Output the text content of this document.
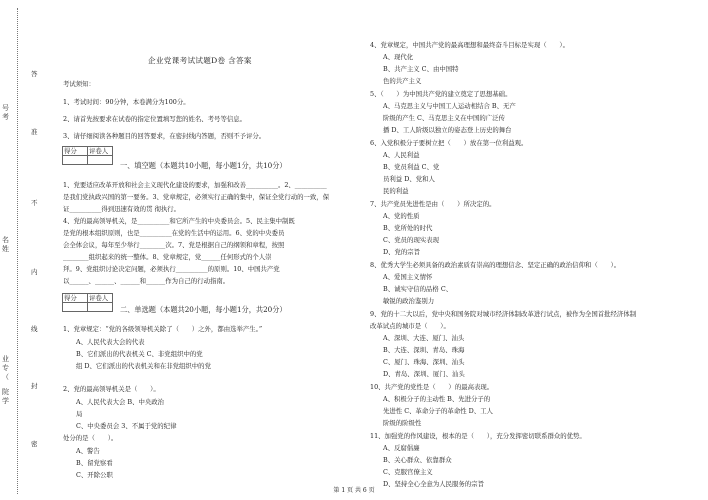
答
准
不
内
线
封
密
号考
名姓
业专（
院学
企业党课考试试题D卷 含答案
考试须知：
1、考试时间：90分钟，本卷满分为100分。
2、请首先按要求在试卷的指定位置填写您的姓名、考号等信息。
3、请仔细阅读各种题目的回答要求，在密封线内答题，否则不予评分。
得分	评卷人

一、填空题（本题共10小题，每小题1分，共10分）
1、党要适应改革开放和社会主义现代化建设的要求，加强和改善__________。2、__________
是我们党执政兴国的第一要务。3、党章规定，必须实行正确的集中，保证全党行动的一致，保
证__________得到迅速有效的贯 彻执行。
4、党的最高领导机关，是__________和它所产生的中央委员会。5、民主集中制既
是党的根本组织原则，也是__________在党的生活中的运用。6、党的中央委员
会全体会议，每年至少举行________次。7、党是根据自己的纲领和章程，按照
________组织起来的统一整体。8、党章规定，党______任何形式的个人崇
拜。9、党组织讨论决定问题，必须执行__________的原则。10、中国共产党
以______、______、______和______作为自己的行动指南。
得分	评卷人

二、单选题（本题共20小题，每小题1分，共20分）
1、党章规定：“党的各级领导机关除了（　　）之外，都由选举产生。”
A、人民代表大会的代表
B、它们派出的代表机关 C、非党组织中的党
组 D、它们派出的代表机关和在非党组织中的党
2、党的最高领导机关是（　　）。
A、人民代表大会 B、中央政治
局
C、中央委员会 3、不属于党的纪律
处分的是（　　）。
A、警告
B、留党察看
C、开除公职
4、党章规定，中国共产党的最高理想和最终奋斗目标是实现（　　）。
A、现代化
B、共产主义 C、由中国特
色的共产主义
5、（　　）为中国共产党的建立奠定了思想基础。
A、马克思主义与中国工人运动相结合 B、无产
阶级的产生 C、马克思主义在中国的广泛传
播 D、工人阶级以独立的姿态登上历史的舞台
6、入党积极分子要树立把（　　）放在第一位利益观。
A、人民利益
B、党员利益 C、党
员利益 D、党和人
民的利益
7、共产党员先进性是由（　　）所决定的。
A、党的性质
B、党所处的时代
C、党员的现实表现
D、党的宗旨
8、优秀大学生必须具备的政治素质有崇高的理想信念、坚定正确的政治信仰和（　　）。
A、爱国主义情怀
B、诚实守信的品格 C、
敏锐的政治鉴别力
9、党的十二大以后，党中央和国务院对城市经济体制改革进行试点，被作为全国首批经济体制
改革试点的城市是（　　）。
A、深圳、大连、厦门、汕头
B、大连、深圳、青岛、珠海
C、厦门、珠海、深圳、汕头
D、青岛、深圳、厦门、汕头
10、共产党的党性是（　　）的最高表现。
A、积极分子的主动性 B、先进分子的
先进性 C、革命分子的革命性 D、工人
阶级的阶级性
11、加强党的作风建设，根本的是（　　），充分发挥密切联系群众的优势。
A、反腐倡廉
B、关心群众、依靠群众
C、克服官僚主义
D、坚持全心全意为人民服务的宗旨
第 1 页 共 6 页
